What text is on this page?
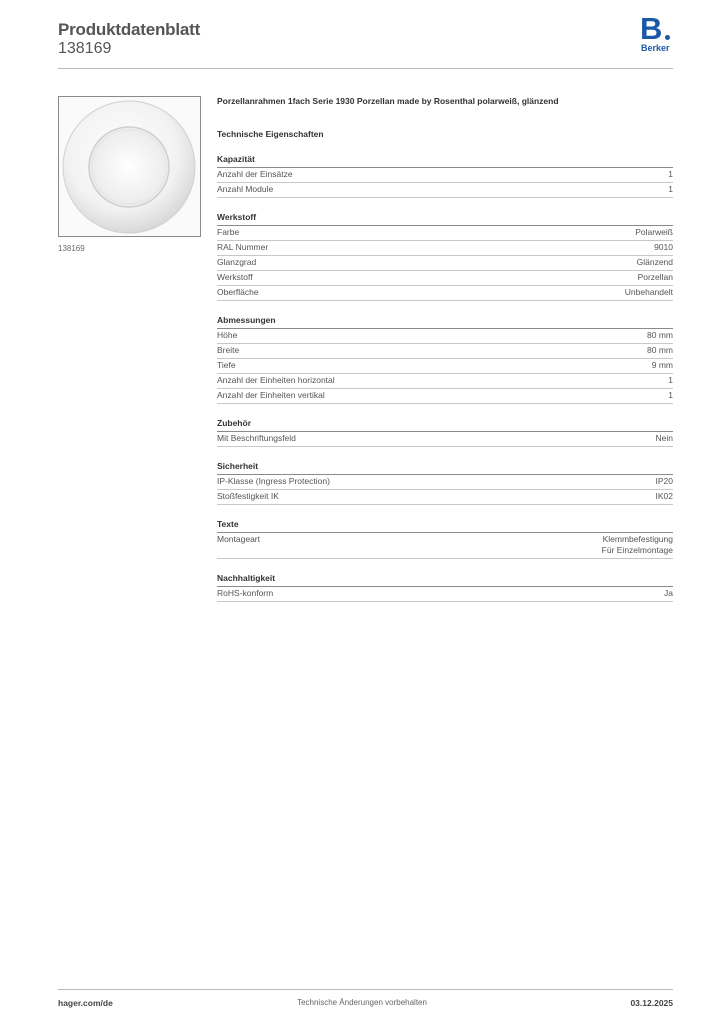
Produktdatenblatt
138169
B
Berker
138169
Porzellanrahmen 1fach Serie 1930 Porzellan made by Rosenthal polarweiß, glänzend
Technische Eigenschaften
Kapazität
Anzahl der Einsätze	1
Anzahl Module	1
Werkstoff
Farbe	Polarweiß
RAL Nummer	9010
Glanzgrad	Glänzend
Werkstoff	Porzellan
Oberfläche	Unbehandelt
Abmessungen
Höhe	80 mm
Breite	80 mm
Tiefe	9 mm
Anzahl der Einheiten horizontal	1
Anzahl der Einheiten vertikal	1
Zubehör
Mit Beschriftungsfeld	Nein
Sicherheit
IP-Klasse (Ingress Protection)	IP20
Stoßfestigkeit IK	IK02
Texte
Montageart	Klemmbefestigung
Für Einzelmontage
Nachhaltigkeit
RoHS-konform	Ja
hager.com/de	Technische Änderungen vorbehalten	03.12.2025
